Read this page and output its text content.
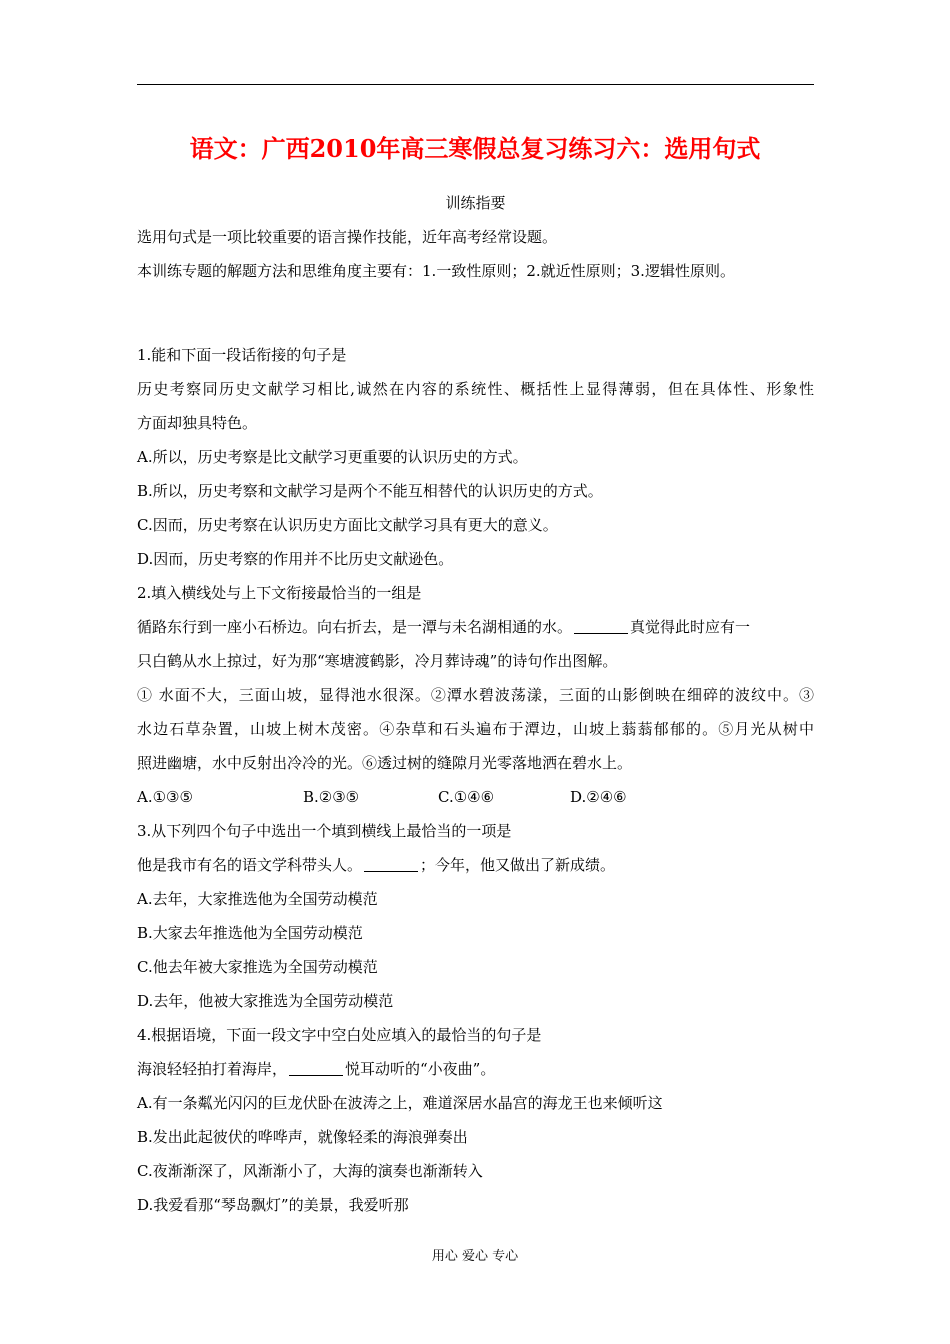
语文：广西2010年高三寒假总复习练习六：选用句式
训练指要
选用句式是一项比较重要的语言操作技能，近年高考经常设题。
本训练专题的解题方法和思维角度主要有：1.一致性原则；2.就近性原则；3.逻辑性原则。
1.能和下面一段话衔接的句子是
历史考察同历史文献学习相比,诚然在内容的系统性、概括性上显得薄弱，但在具体性、形象性
方面却独具特色。
A.所以，历史考察是比文献学习更重要的认识历史的方式。
B.所以，历史考察和文献学习是两个不能互相替代的认识历史的方式。
C.因而，历史考察在认识历史方面比文献学习具有更大的意义。
D.因而，历史考察的作用并不比历史文献逊色。
2.填入横线处与上下文衔接最恰当的一组是
循路东行到一座小石桥边。向右折去，是一潭与未名湖相通的水。	真觉得此时应有一
只白鹤从水上掠过，好为那“寒塘渡鹤影，冷月葬诗魂”的诗句作出图解。
① 水面不大，三面山坡，显得池水很深。②潭水碧波荡漾，三面的山影倒映在细碎的波纹中。③
水边石草杂置，山坡上树木茂密。④杂草和石头遍布于潭边，山坡上蓊蓊郁郁的。⑤月光从树中
照进幽塘，水中反射出冷冷的光。⑥透过树的缝隙月光零落地洒在碧水上。
A.①③⑤	B.②③⑤	C.①④⑥	D.②④⑥
3.从下列四个句子中选出一个填到横线上最恰当的一项是
他是我市有名的语文学科带头人。	；今年，他又做出了新成绩。
A.去年，大家推选他为全国劳动模范
B.大家去年推选他为全国劳动模范
C.他去年被大家推选为全国劳动模范
D.去年，他被大家推选为全国劳动模范
4.根据语境，下面一段文字中空白处应填入的最恰当的句子是
海浪轻轻拍打着海岸，	悦耳动听的“小夜曲”。
A.有一条粼光闪闪的巨龙伏卧在波涛之上，难道深居水晶宫的海龙王也来倾听这
B.发出此起彼伏的哗哗声，就像轻柔的海浪弹奏出
C.夜渐渐深了，风渐渐小了，大海的演奏也渐渐转入
D.我爱看那“琴岛飘灯”的美景，我爱听那
用心 爱心 专心
